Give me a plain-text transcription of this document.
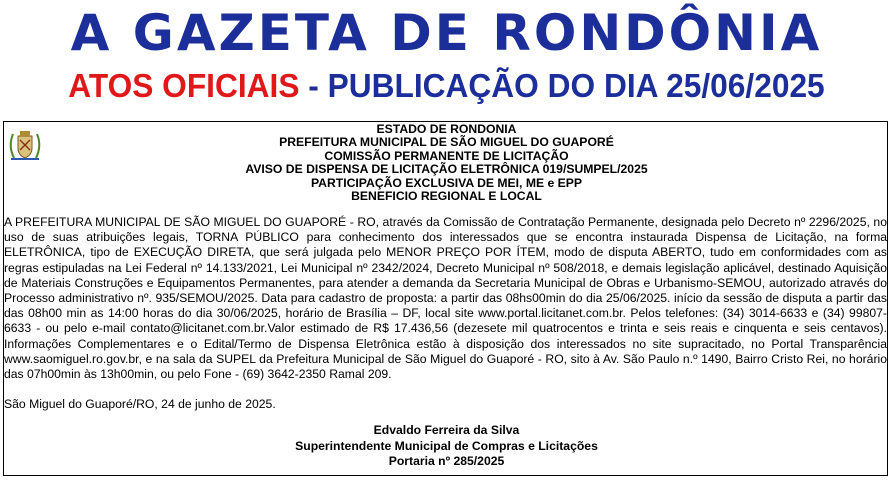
A GAZETA DE RONDÔNIA
ATOS OFICIAIS - PUBLICAÇÃO DO DIA 25/06/2025
ESTADO DE RONDONIA
PREFEITURA MUNICIPAL DE SÃO MIGUEL DO GUAPORÉ
COMISSÃO PERMANENTE DE LICITAÇÃO
AVISO DE DISPENSA DE LICITAÇÃO ELETRÔNICA 019/SUMPEL/2025
PARTICIPAÇÃO EXCLUSIVA DE MEI, ME e EPP
BENEFICIO REGIONAL E LOCAL
A PREFEITURA MUNICIPAL DE SÃO MIGUEL DO GUAPORÉ - RO, através da Comissão de Contratação Permanente, designada pelo Decreto nº 2296/2025, no uso de suas atribuições legais, TORNA PÚBLICO para conhecimento dos interessados que se encontra instaurada Dispensa de Licitação, na forma ELETRÔNICA, tipo de EXECUÇÃO DIRETA, que será julgada pelo MENOR PREÇO POR ÍTEM, modo de disputa ABERTO, tudo em conformidades com as regras estipuladas na Lei Federal nº 14.133/2021, Lei Municipal nº 2342/2024, Decreto Municipal nº 508/2018, e demais legislação aplicável, destinado Aquisição de Materiais Construções e Equipamentos Permanentes, para atender a demanda da Secretaria Municipal de Obras e Urbanismo-SEMOU, autorizado através do Processo administrativo nº. 935/SEMOU/2025. Data para cadastro de proposta: a partir das 08hs00min do dia 25/06/2025. início da sessão de disputa a partir das das 08h00 min as 14:00 horas do dia 30/06/2025, horário de Brasília – DF, local site www.portal.licitanet.com.br. Pelos telefones: (34) 3014-6633 e (34) 99807-6633 - ou pelo e-mail contato@licitanet.com.br.Valor estimado de R$ 17.436,56 (dezesete mil quatrocentos e trinta e seis reais e cinquenta e seis centavos). Informações Complementares e o Edital/Termo de Dispensa Eletrônica estão à disposição dos interessados no site supracitado, no Portal Transparência www.saomiguel.ro.gov.br, e na sala da SUPEL da Prefeitura Municipal de São Miguel do Guaporé - RO, sito à Av. São Paulo n.º 1490, Bairro Cristo Rei, no horário das 07h00min às 13h00min, ou pelo Fone - (69) 3642-2350 Ramal 209.
São Miguel do Guaporé/RO, 24 de junho de 2025.
Edvaldo Ferreira da Silva
Superintendente Municipal de Compras e Licitações
Portaria nº 285/2025
